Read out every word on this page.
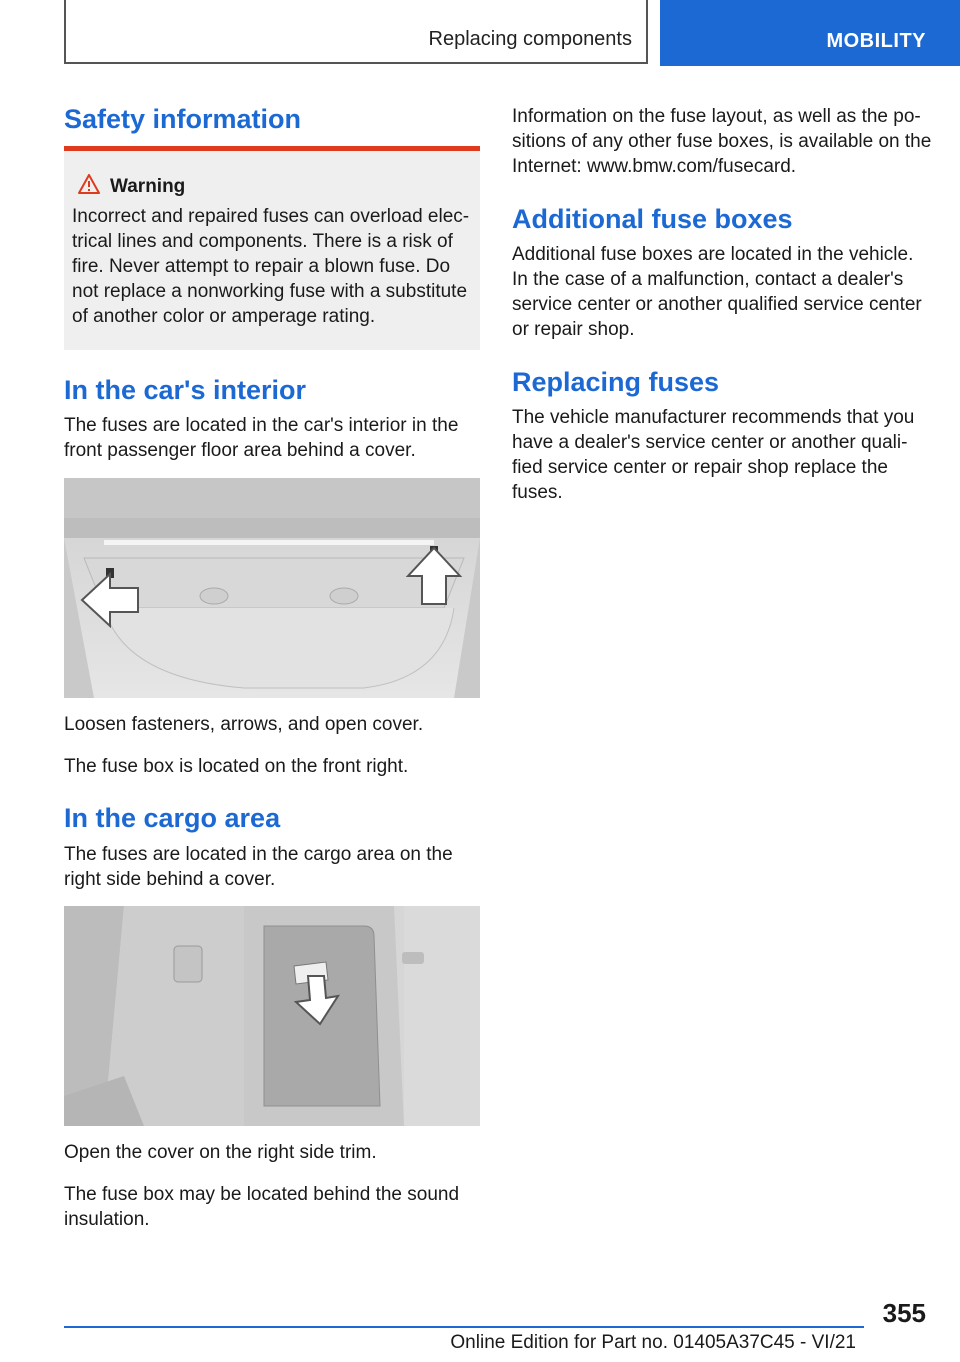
Replacing components	MOBILITY
Safety information
Warning
Incorrect and repaired fuses can overload elec-trical lines and components. There is a risk of fire. Never attempt to repair a blown fuse. Do not replace a nonworking fuse with a substitute of another color or amperage rating.
In the car's interior

The fuses are located in the car's interior in the front passenger floor area behind a cover.

Loosen fasteners, arrows, and open cover.

The fuse box is located on the front right.

In the cargo area

The fuses are located in the cargo area on the right side behind a cover.

Open the cover on the right side trim.

The fuse box may be located behind the sound insulation.

Information on the fuse layout, as well as the po-sitions of any other fuse boxes, is available on the Internet: www.bmw.com/fusecard.

Additional fuse boxes

Additional fuse boxes are located in the vehicle. In the case of a malfunction, contact a dealer's service center or another qualified service center or repair shop.

Replacing fuses

The vehicle manufacturer recommends that you have a dealer's service center or another quali-fied service center or repair shop replace the fuses.

355
Online Edition for Part no. 01405A37C45 - VI/21
